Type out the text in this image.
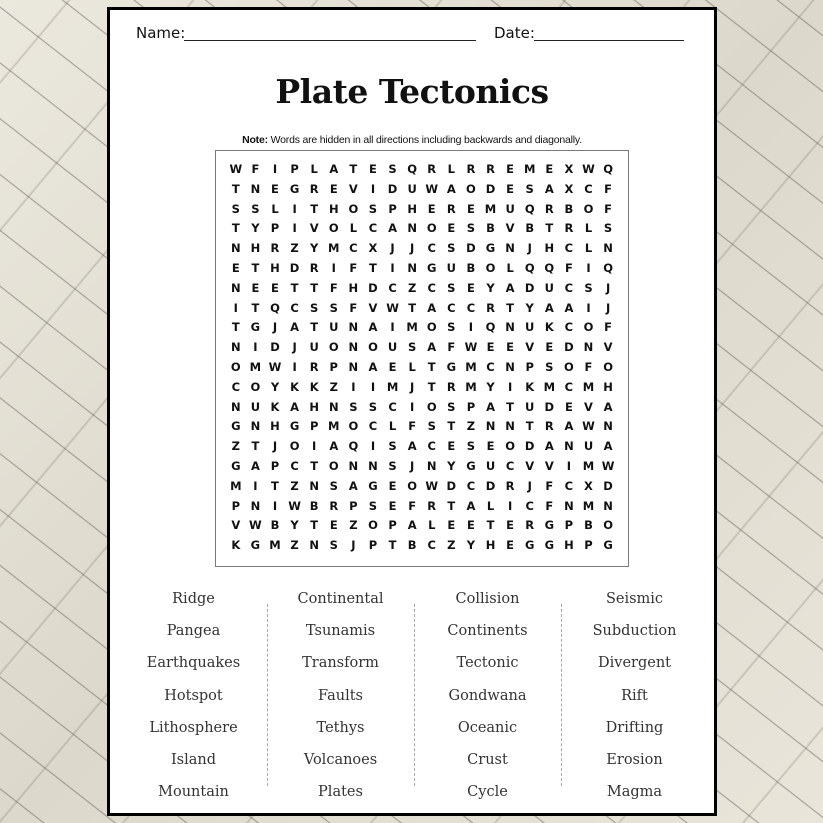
Name:	Date:
Plate Tectonics
Note: Words are hidden in all directions including backwards and diagonally.
W F	I	P	L A T	E	S Q R	L	R R E M E X W Q
T N E G R E V	I	D U W A O D E	S A X C F
S S	L	I	T H O S P H E R E M U Q R B O F
T	Y P	I	V O L	C A N O E	S B V B T R	L	S
N H R Z Y M C X	J	J	C S D G N	J	H C	L N
E	T H D R	I	F	T	I	N G U B O L Q Q F	I	Q
N E	E	T	T	F H D C Z C S	E	Y A D U C S	J
I	T Q C S S	F V W T A C C R T	Y A A	I	J
T G	J	A T U N A	I	M O S	I	Q N U K C O F
N	I	D	J	U O N O U S A F W E	E V E D N V
O M W I	R P N A E	L	T G M C N P S O F O
C O Y K K Z	I	I	M	J	T R M Y	I	K M C M H
N U K A H N S S C	I	O S P A T U D E V A
G N H G P M O C	L	F	S	T	Z N N T R A W N
Z T	J	O	I	A Q	I	S A C E	S	E O D A N U A
G A P C T O N N S	J	N Y G U C V V	I	M W
M	I	T	Z N S A G E O W D C D R	J	F C X D
P N	I W B R P S	E	F R T A L	I	C F N M N
V W B Y	T	E	Z O P A L	E	E	T	E R G P B O
K G M Z N S	J	P T B C Z Y H E G G H P G
Ridge
Pangea
Earthquakes
Hotspot
Lithosphere
Island
Mountain
Continental
Tsunamis
Transform
Faults
Tethys
Volcanoes
Plates
Collision
Continents
Tectonic
Gondwana
Oceanic
Crust
Cycle
Seismic
Subduction
Divergent
Rift
Drifting
Erosion
Magma
